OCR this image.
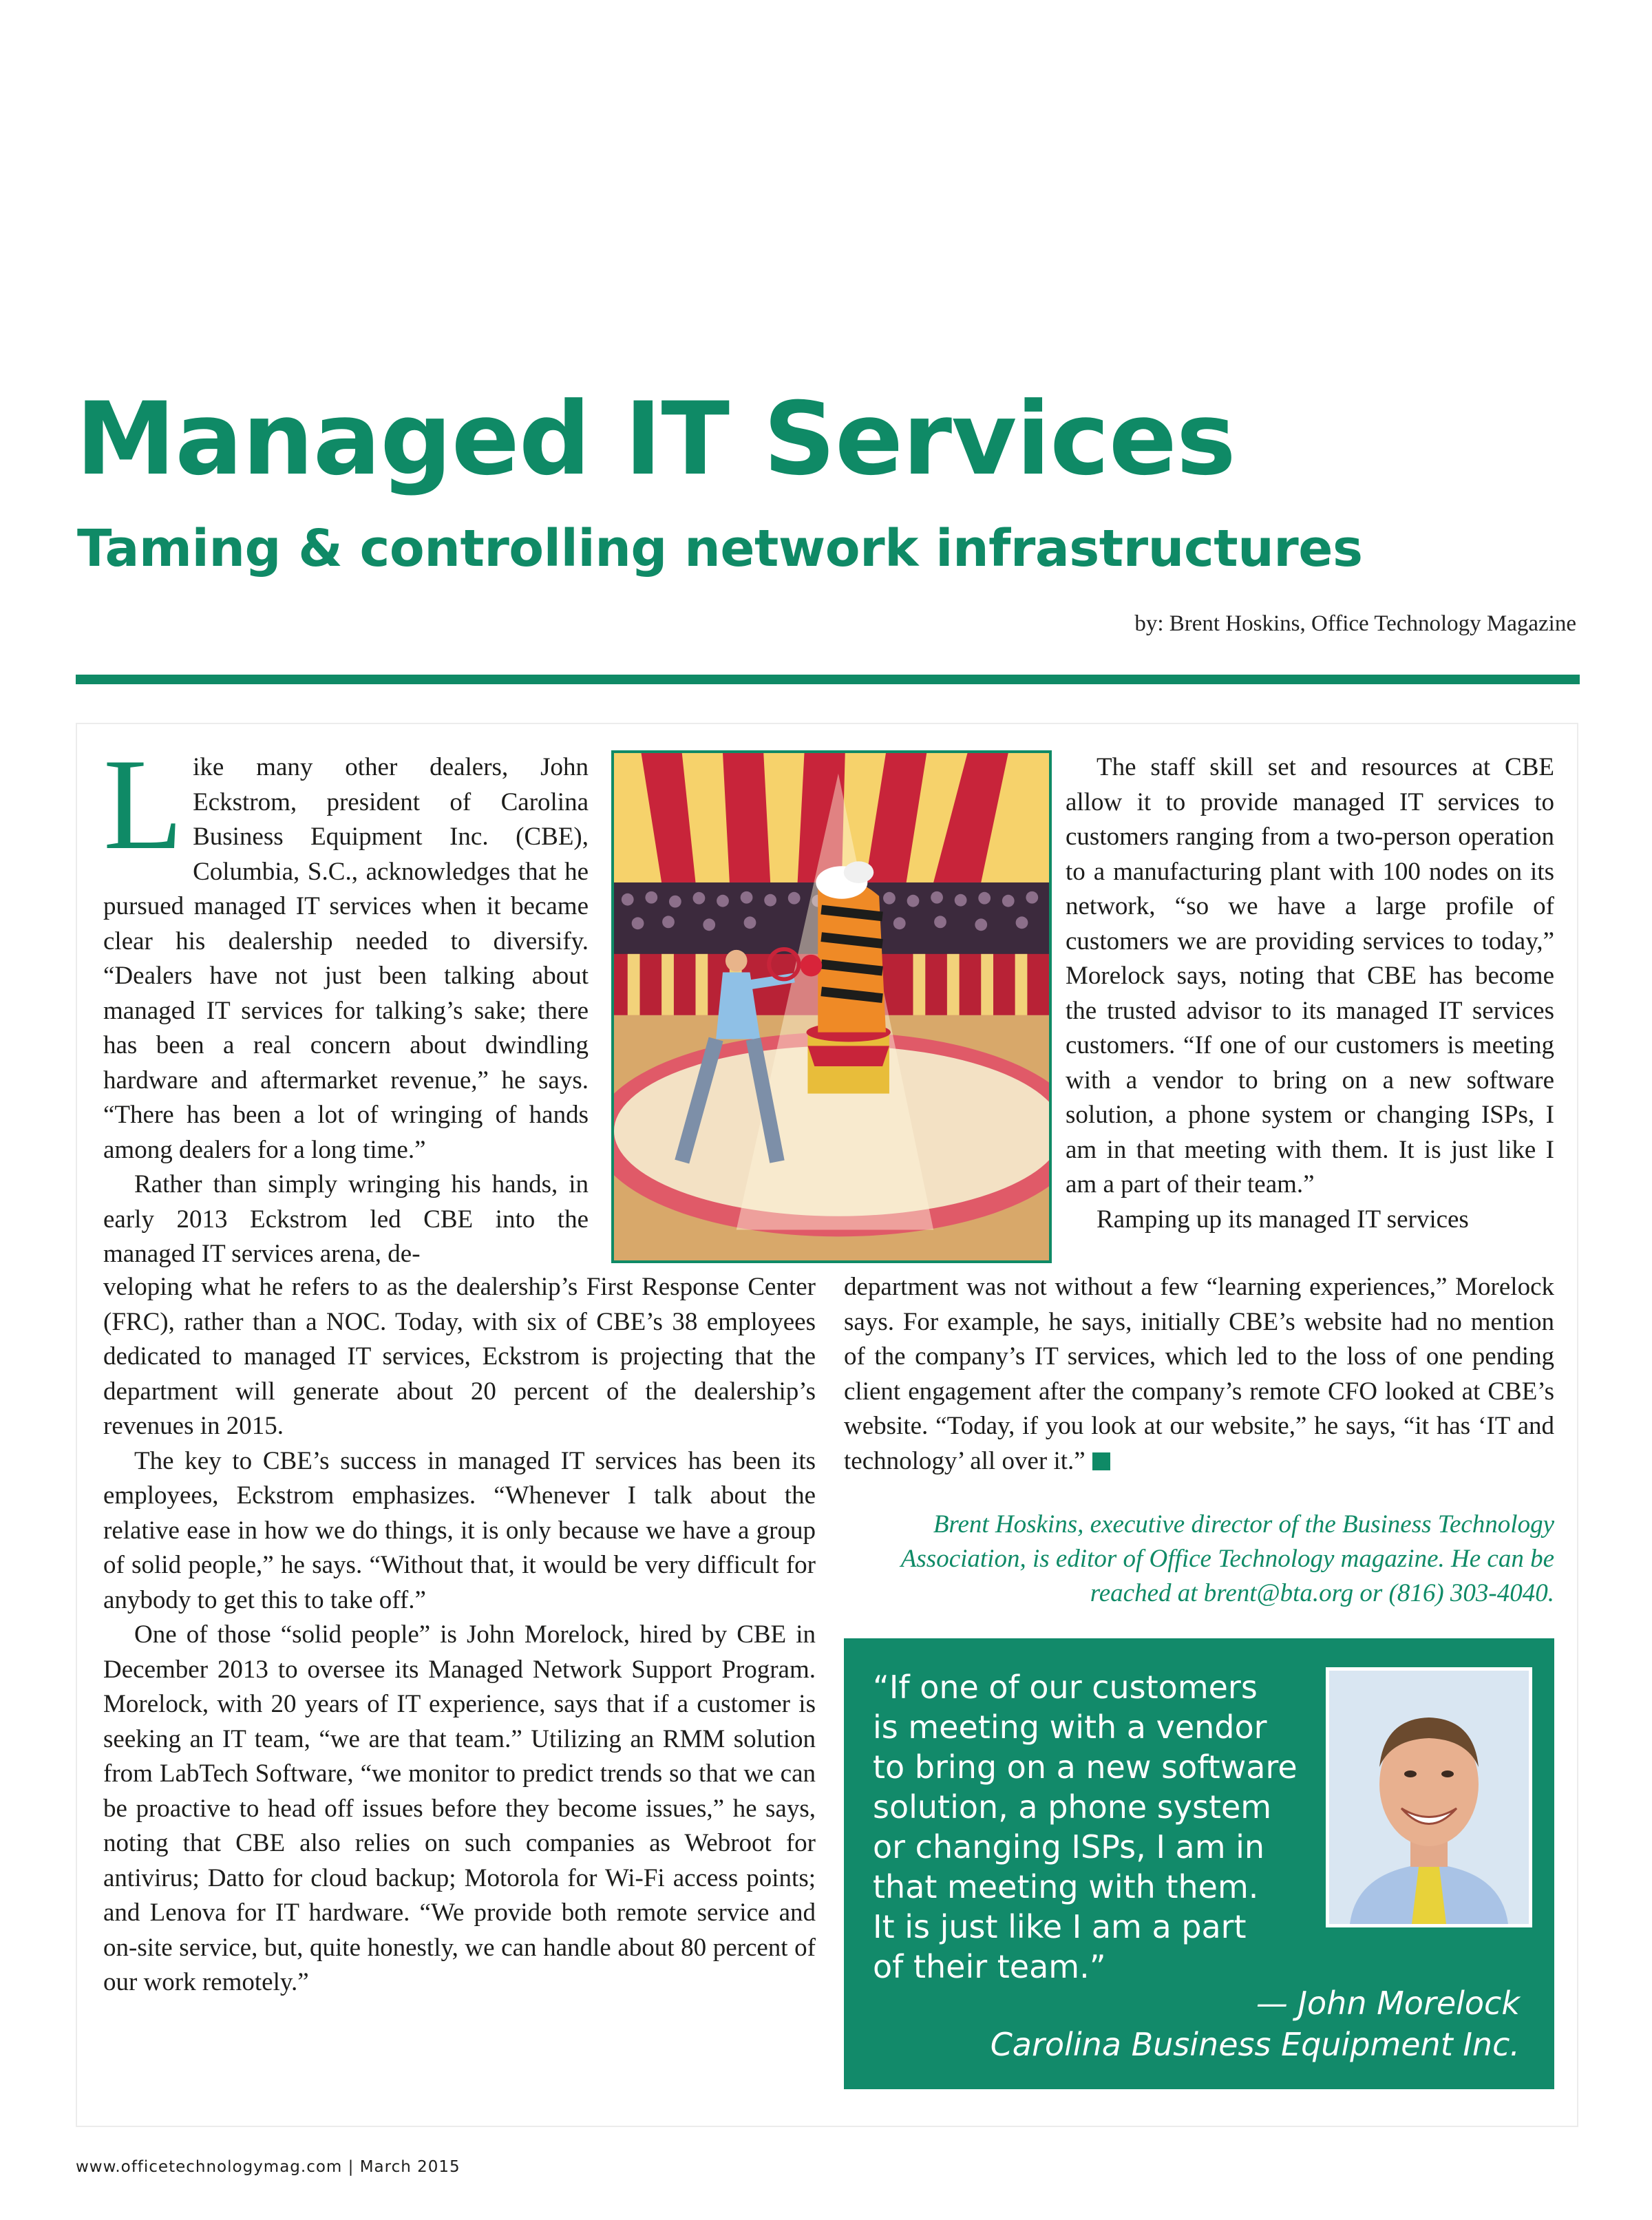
Managed IT Services
Taming & controlling network infrastructures
by: Brent Hoskins, Office Technology Magazine

Like many other dealers, John Eckstrom, president of Carolina Business Equipment Inc. (CBE), Columbia, S.C., acknowledges that he pursued managed IT services when it became clear his dealership needed to diversify. “Dealers have not just been talking about managed IT services for talking’s sake; there has been a real concern about dwindling hardware and aftermarket revenue,” he says. “There has been a lot of wringing of hands among dealers for a long time.”

Rather than simply wringing his hands, in early 2013 Eckstrom led CBE into the managed IT services arena, de-

veloping what he refers to as the dealership’s First Response Center (FRC), rather than a NOC. Today, with six of CBE’s 38 employees dedicated to managed IT services, Eckstrom is projecting that the department will generate about 20 percent of the dealership’s revenues in 2015.

The key to CBE’s success in managed IT services has been its employees, Eckstrom emphasizes. “Whenever I talk about the relative ease in how we do things, it is only because we have a group of solid people,” he says. “Without that, it would be very difficult for anybody to get this to take off.”

One of those “solid people” is John Morelock, hired by CBE in December 2013 to oversee its Managed Network Support Program. Morelock, with 20 years of IT experience, says that if a customer is seeking an IT team, “we are that team.” Utilizing an RMM solution from LabTech Software, “we monitor to predict trends so that we can be proactive to head off issues before they become issues,” he says, noting that CBE also relies on such companies as Webroot for antivirus; Datto for cloud backup; Motorola for Wi-Fi access points; and Lenova for IT hardware. “We provide both remote service and on-site service, but, quite honestly, we can handle about 80 percent of our work remotely.”

The staff skill set and resources at CBE allow it to provide managed IT services to customers ranging from a two-person operation to a manufacturing plant with 100 nodes on its network, “so we have a large profile of customers we are providing services to today,” Morelock says, noting that CBE has become the trusted advisor to its managed IT services customers. “If one of our customers is meeting with a vendor to bring on a new software solution, a phone system or changing ISPs, I am in that meeting with them. It is just like I am a part of their team.”

Ramping up its managed IT services

department was not without a few “learning experiences,” Morelock says. For example, he says, initially CBE’s website had no mention of the company’s IT services, which led to the loss of one pending client engagement after the company’s remote CFO looked at CBE’s website. “Today, if you look at our website,” he says, “it has ‘IT and technology’ all over it.”

Brent Hoskins, executive director of the Business Technology Association, is editor of Office Technology magazine. He can be reached at brent@bta.org or (816) 303-4040.
“If one of our customers
is meeting with a vendor
to bring on a new software
solution, a phone system
or changing ISPs, I am in
that meeting with them.
It is just like I am a part
of their team.”
— John Morelock
Carolina Business Equipment Inc.
www.officetechnologymag.com | March 2015
